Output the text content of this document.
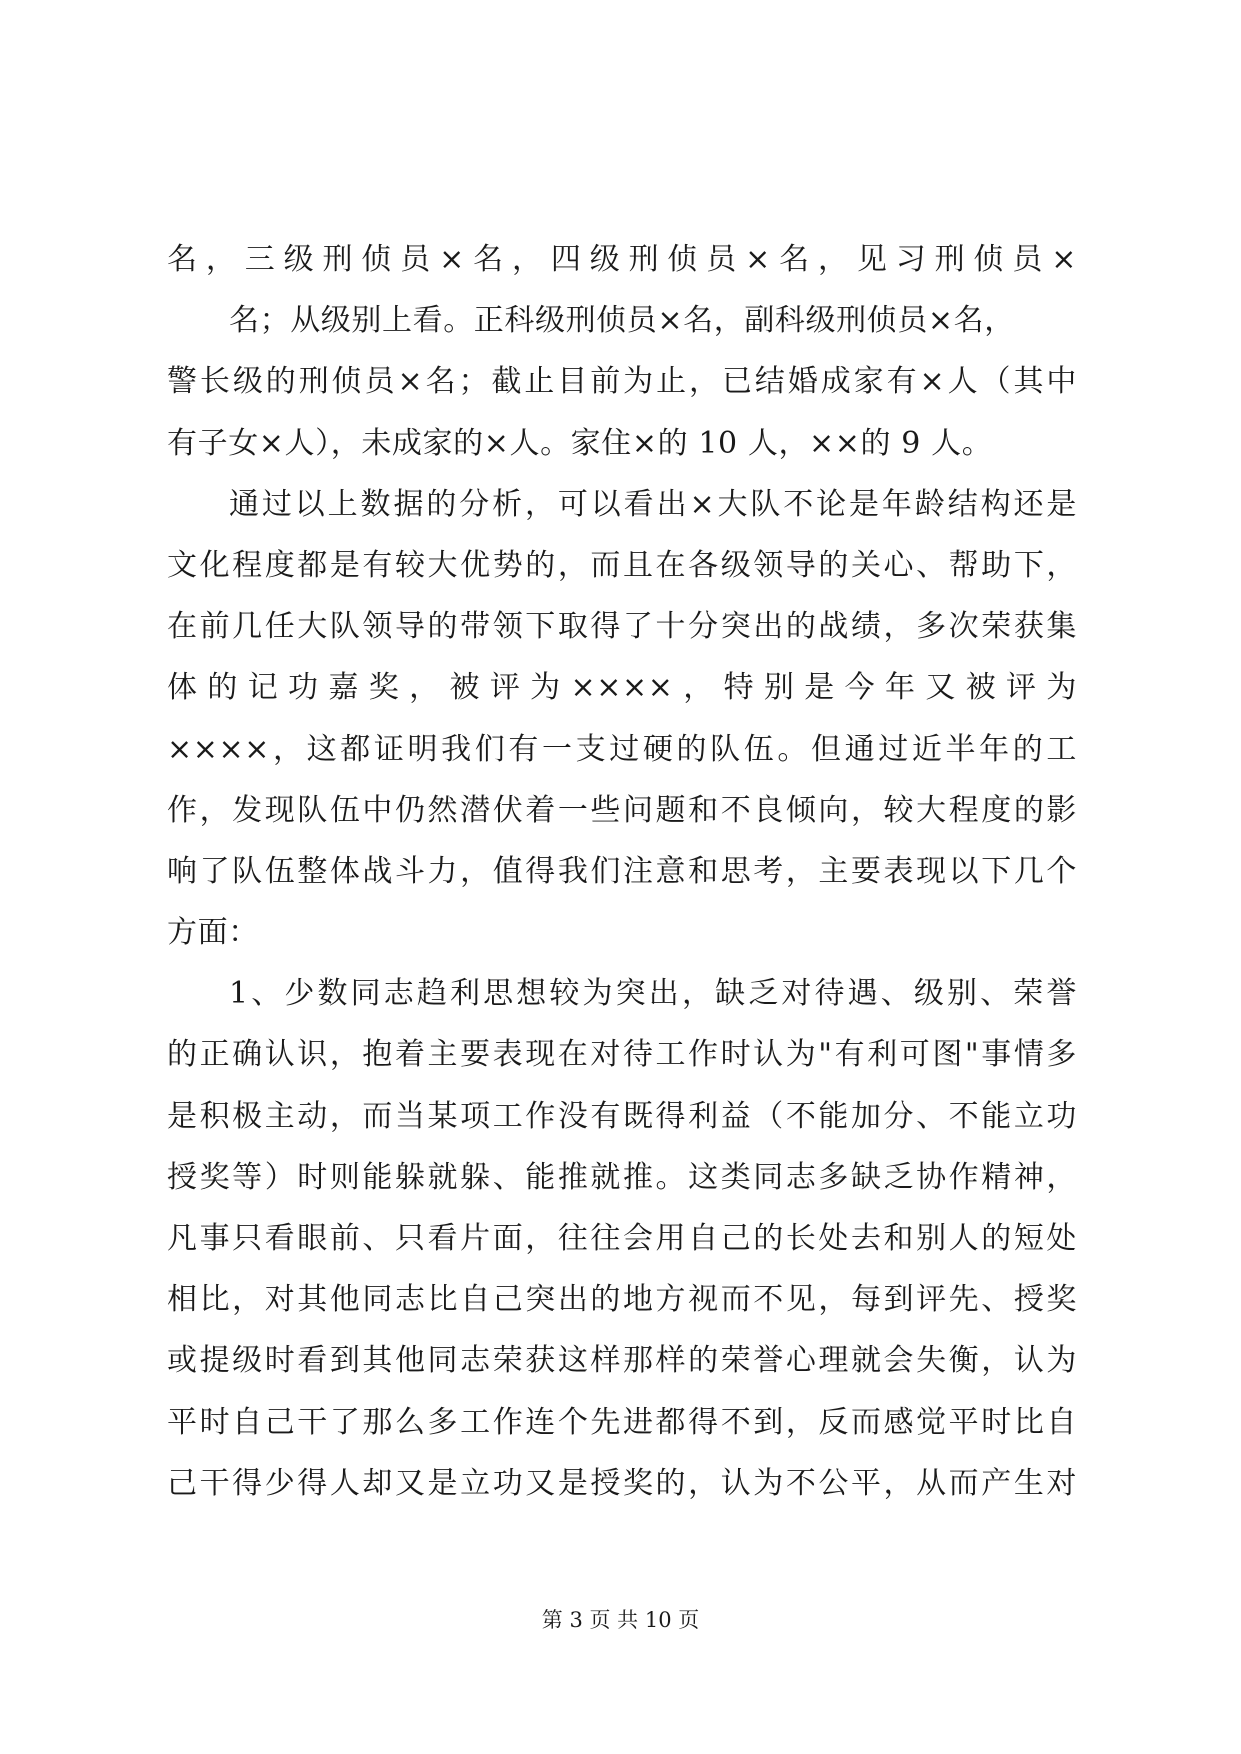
名，三级刑侦员×名，四级刑侦员×名，见习刑侦员×
名；从级别上看。正科级刑侦员×名，副科级刑侦员×名，
警长级的刑侦员×名；截止目前为止，已结婚成家有×人（其中
有子女×人），未成家的×人。家住×的 10 人，××的 9 人。
通过以上数据的分析，可以看出×大队不论是年龄结构还是
文化程度都是有较大优势的，而且在各级领导的关心、帮助下，
在前几任大队领导的带领下取得了十分突出的战绩，多次荣获集
体的记功嘉奖，被评为××××，特别是今年又被评为
××××，这都证明我们有一支过硬的队伍。但通过近半年的工
作，发现队伍中仍然潜伏着一些问题和不良倾向，较大程度的影
响了队伍整体战斗力，值得我们注意和思考，主要表现以下几个
方面：
1、少数同志趋利思想较为突出，缺乏对待遇、级别、荣誉
的正确认识，抱着主要表现在对待工作时认为"有利可图"事情多
是积极主动，而当某项工作没有既得利益（不能加分、不能立功
授奖等）时则能躲就躲、能推就推。这类同志多缺乏协作精神，
凡事只看眼前、只看片面，往往会用自己的长处去和别人的短处
相比，对其他同志比自己突出的地方视而不见，每到评先、授奖
或提级时看到其他同志荣获这样那样的荣誉心理就会失衡，认为
平时自己干了那么多工作连个先进都得不到，反而感觉平时比自
己干得少得人却又是立功又是授奖的，认为不公平，从而产生对
第 3 页 共 10 页
